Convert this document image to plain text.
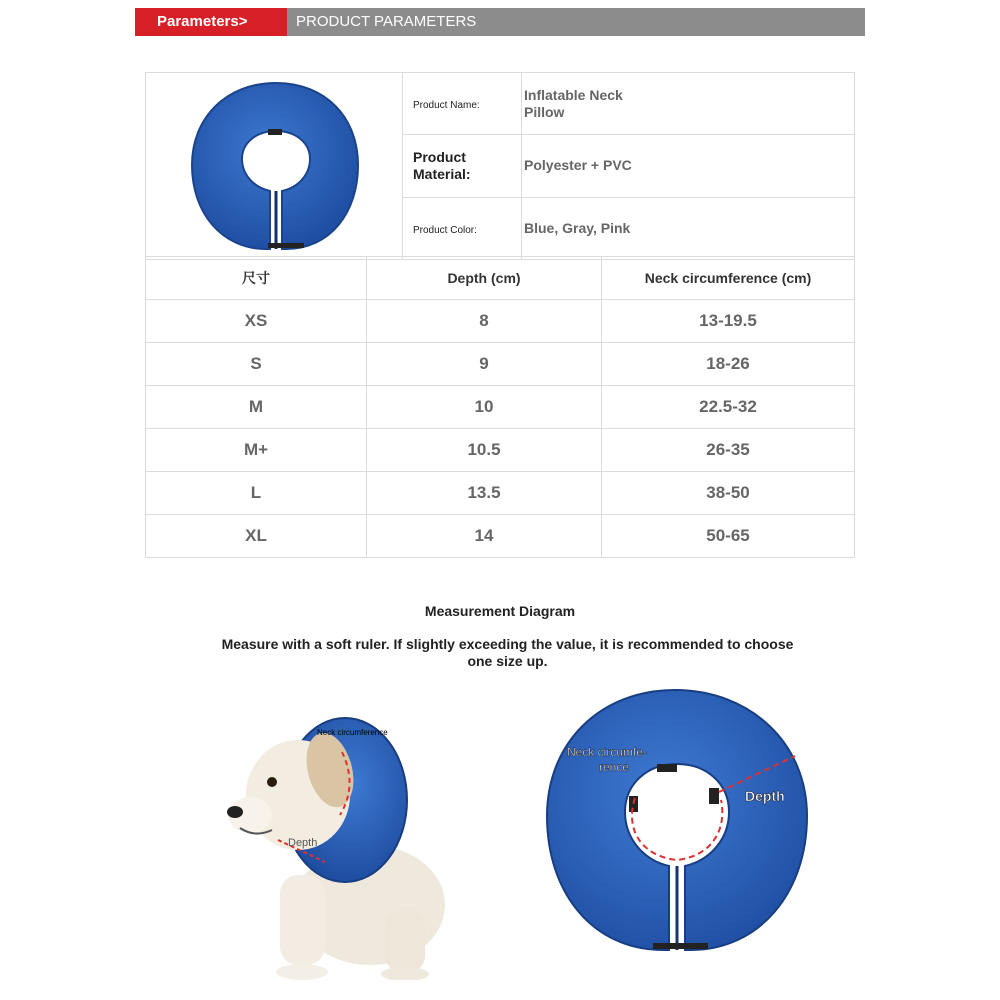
Parameters>	PRODUCT PARAMETERS
	Product Name:	Inflatable Neck Pillow

	Product Material:	Polyester + PVC
	Product Color:	Blue, Gray, Pink
尺寸	Depth (cm)	Neck circumference (cm)
XS	8	13-19.5
S	9	18-26
M	10	22.5-32
M+	10.5	26-35
L	13.5	38-50
XL	14	50-65
Measurement Diagram
Measure with a soft ruler. If slightly exceeding the value, it is recommended to choose one size up.
Neck circumference
Depth
Neck circumfe-
rence
Depth
